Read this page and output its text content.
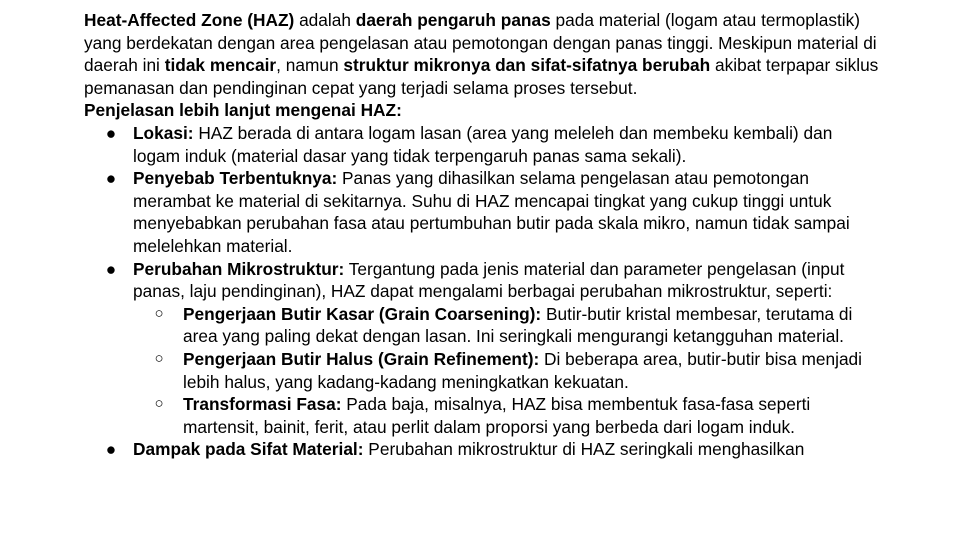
Heat-Affected Zone (HAZ) adalah daerah pengaruh panas pada material (logam atau termoplastik) yang berdekatan dengan area pengelasan atau pemotongan dengan panas tinggi. Meskipun material di daerah ini tidak mencair, namun struktur mikronya dan sifat-sifatnya berubah akibat terpapar siklus pemanasan dan pendinginan cepat yang terjadi selama proses tersebut.

Penjelasan lebih lanjut mengenai HAZ:

● Lokasi: HAZ berada di antara logam lasan (area yang meleleh dan membeku kembali) dan logam induk (material dasar yang tidak terpengaruh panas sama sekali).
● Penyebab Terbentuknya: Panas yang dihasilkan selama pengelasan atau pemotongan merambat ke material di sekitarnya. Suhu di HAZ mencapai tingkat yang cukup tinggi untuk menyebabkan perubahan fasa atau pertumbuhan butir pada skala mikro, namun tidak sampai melelehkan material.
● Perubahan Mikrostruktur: Tergantung pada jenis material dan parameter pengelasan (input panas, laju pendinginan), HAZ dapat mengalami berbagai perubahan mikrostruktur, seperti:
○ Pengerjaan Butir Kasar (Grain Coarsening): Butir-butir kristal membesar, terutama di area yang paling dekat dengan lasan. Ini seringkali mengurangi ketangguhan material.
○ Pengerjaan Butir Halus (Grain Refinement): Di beberapa area, butir-butir bisa menjadi lebih halus, yang kadang-kadang meningkatkan kekuatan.
○ Transformasi Fasa: Pada baja, misalnya, HAZ bisa membentuk fasa-fasa seperti martensit, bainit, ferit, atau perlit dalam proporsi yang berbeda dari logam induk.
● Dampak pada Sifat Material: Perubahan mikrostruktur di HAZ seringkali menghasilkan
